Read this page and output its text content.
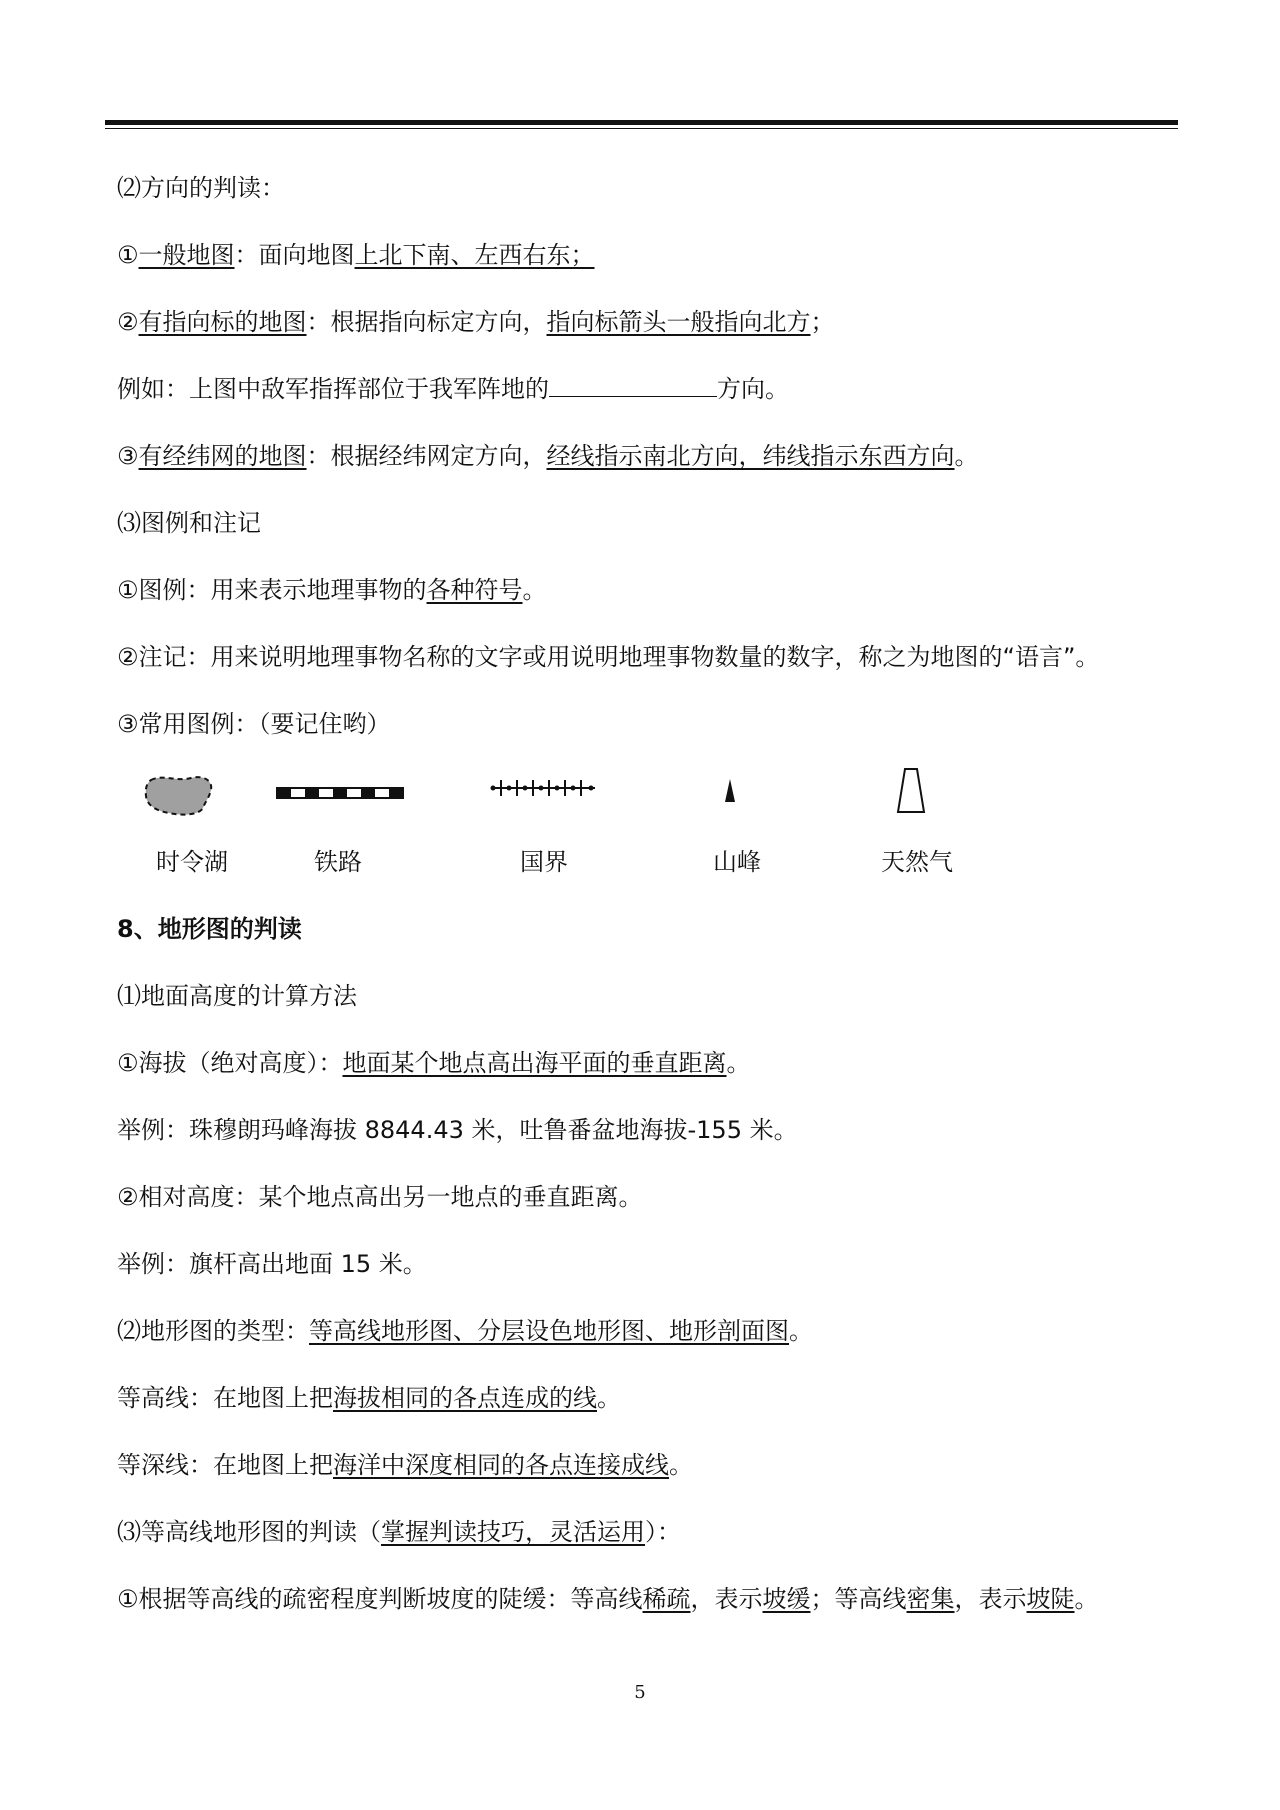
⑵方向的判读：
①一般地图：面向地图上北下南、左西右东；
②有指向标的地图：根据指向标定方向，指向标箭头一般指向北方；
例如：上图中敌军指挥部位于我军阵地的	方向。
③有经纬网的地图：根据经纬网定方向，经线指示南北方向，纬线指示东西方向。
⑶图例和注记
①图例：用来表示地理事物的各种符号。
②注记：用来说明地理事物名称的文字或用说明地理事物数量的数字，称之为地图的“语言”。
③常用图例：（要记住哟）
时令湖	铁路	国界	山峰	天然气
8、地形图的判读
⑴地面高度的计算方法
①海拔（绝对高度）：地面某个地点高出海平面的垂直距离。
举例：珠穆朗玛峰海拔 8844.43 米，吐鲁番盆地海拔-155 米。
②相对高度：某个地点高出另一地点的垂直距离。
举例：旗杆高出地面 15 米。
⑵地形图的类型：等高线地形图、分层设色地形图、地形剖面图。
等高线：在地图上把海拔相同的各点连成的线。
等深线：在地图上把海洋中深度相同的各点连接成线。
⑶等高线地形图的判读（掌握判读技巧，灵活运用）：
①根据等高线的疏密程度判断坡度的陡缓：等高线稀疏，表示坡缓；等高线密集，表示坡陡。
5
